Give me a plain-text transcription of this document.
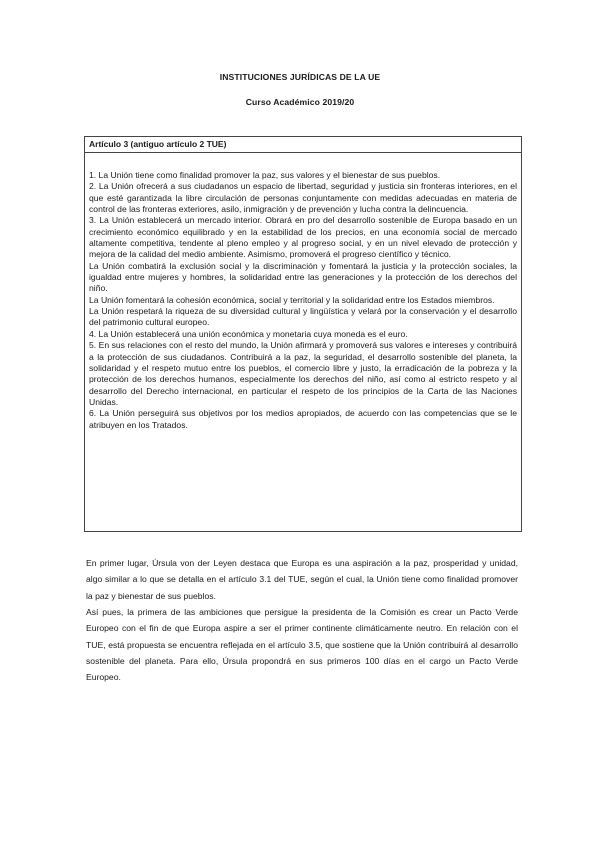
INSTITUCIONES JURÍDICAS DE LA UE
Curso Académico 2019/20
Artículo 3 (antiguo artículo 2 TUE)

1. La Unión tiene como finalidad promover la paz, sus valores y el bienestar de sus pueblos.

2. La Unión ofrecerá a sus ciudadanos un espacio de libertad, seguridad y justicia sin fronteras interiores, en el que esté garantizada la libre circulación de personas conjuntamente con medidas adecuadas en materia de control de las fronteras exteriores, asilo, inmigración y de prevención y lucha contra la delincuencia.

3. La Unión establecerá un mercado interior. Obrará en pro del desarrollo sostenible de Europa basado en un crecimiento económico equilibrado y en la estabilidad de los precios, en una economía social de mercado altamente competitiva, tendente al pleno empleo y al progreso social, y en un nivel elevado de protección y mejora de la calidad del medio ambiente. Asimismo, promoverá el progreso científico y técnico.

La Unión combatirá la exclusión social y la discriminación y fomentará la justicia y la protección sociales, la igualdad entre mujeres y hombres, la solidaridad entre las generaciones y la protección de los derechos del niño.

La Unión fomentará la cohesión económica, social y territorial y la solidaridad entre los Estados miembros.

La Unión respetará la riqueza de su diversidad cultural y lingüística y velará por la conservación y el desarrollo del patrimonio cultural europeo.

4. La Unión establecerá una unión económica y monetaria cuya moneda es el euro.

5. En sus relaciones con el resto del mundo, la Unión afirmará y promoverá sus valores e intereses y contribuirá a la protección de sus ciudadanos. Contribuirá a la paz, la seguridad, el desarrollo sostenible del planeta, la solidaridad y el respeto mutuo entre los pueblos, el comercio libre y justo, la erradicación de la pobreza y la protección de los derechos humanos, especialmente los derechos del niño, así como al estricto respeto y al desarrollo del Derecho internacional, en particular el respeto de los principios de la Carta de las Naciones Unidas.

6. La Unión perseguirá sus objetivos por los medios apropiados, de acuerdo con las competencias que se le atribuyen en los Tratados.

En primer lugar, Úrsula von der Leyen destaca que Europa es una aspiración a la paz, prosperidad y unidad, algo similar a lo que se detalla en el artículo 3.1 del TUE, según el cual, la Unión tiene como finalidad promover la paz y bienestar de sus pueblos.

Así pues, la primera de las ambiciones que persigue la presidenta de la Comisión es crear un Pacto Verde Europeo con el fin de que Europa aspire a ser el primer continente climáticamente neutro. En relación con el TUE, está propuesta se encuentra reflejada en el artículo 3.5, que sostiene que la Unión contribuirá al desarrollo sostenible del planeta. Para ello, Úrsula propondrá en sus primeros 100 días en el cargo un Pacto Verde Europeo.
